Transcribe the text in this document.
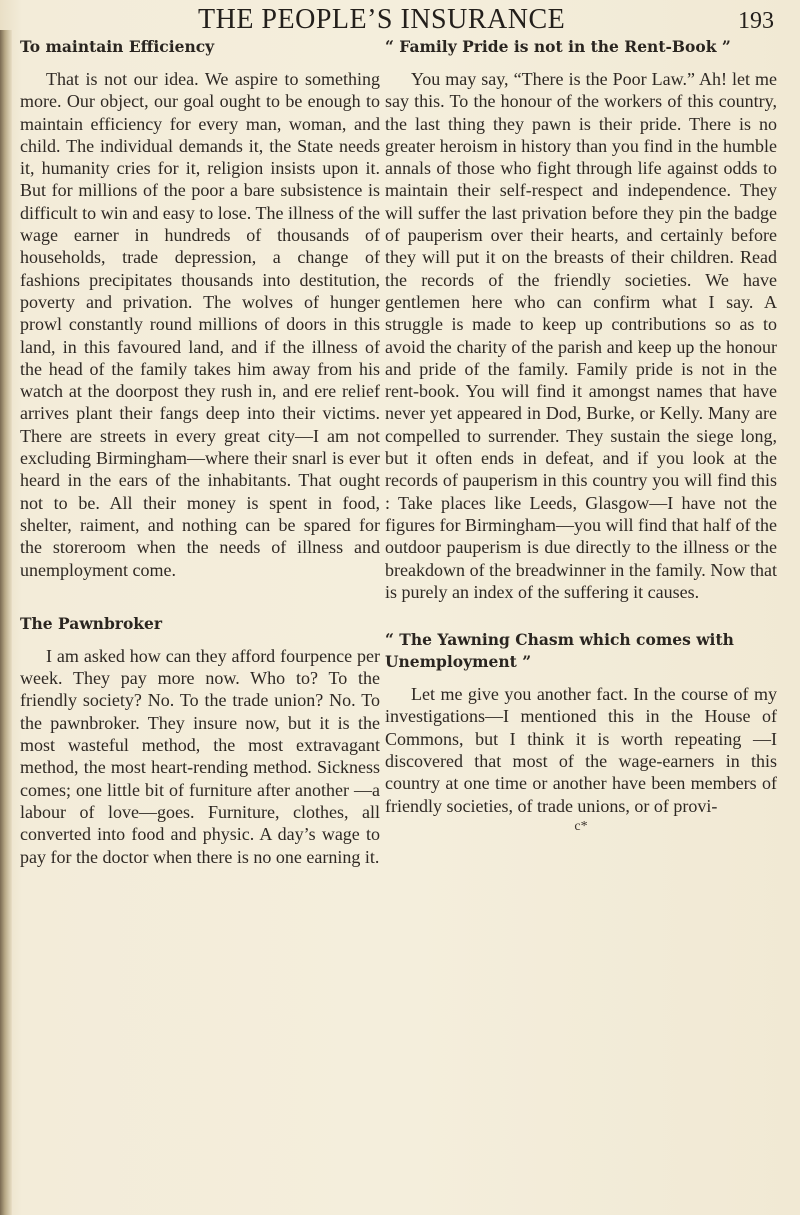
THE PEOPLE’S INSURANCE	193
To maintain Efficiency

That is not our idea. We aspire to something more. Our object, our goal ought to be enough to maintain efficiency for every man, woman, and child. The individual demands it, the State needs it, humanity cries for it, religion insists upon it. But for millions of the poor a bare subsistence is difficult to win and easy to lose. The illness of the wage earner in hundreds of thousands of households, trade depression, a change of fashions precipitates thousands into destitution, poverty and privation. The wolves of hunger prowl constantly round millions of doors in this land, in this favoured land, and if the illness of the head of the family takes him away from his watch at the doorpost they rush in, and ere relief arrives plant their fangs deep into their victims. There are streets in every great city—I am not excluding Birmingham—where their snarl is ever heard in the ears of the inhabitants. That ought not to be. All their money is spent in food, shelter, raiment, and nothing can be spared for the storeroom when the needs of illness and unemployment come.

The Pawnbroker

I am asked how can they afford fourpence per week. They pay more now. Who to? To the friendly society? No. To the trade union? No. To the pawnbroker. They insure now, but it is the most wasteful method, the most extravagant method, the most heart-rending method. Sickness comes; one little bit of furniture after another —a labour of love—goes. Furniture, clothes, all converted into food and physic. A day’s wage to pay for the doctor when there is no one earning it.

“ Family Pride is not in the Rent-Book ”

You may say, “There is the Poor Law.” Ah! let me say this. To the honour of the workers of this country, the last thing they pawn is their pride. There is no greater heroism in history than you find in the humble annals of those who fight through life against odds to maintain their self-respect and independence. They will suffer the last privation before they pin the badge of pauperism over their hearts, and certainly before they will put it on the breasts of their children. Read the records of the friendly societies. We have gentlemen here who can confirm what I say. A struggle is made to keep up contributions so as to avoid the charity of the parish and keep up the honour and pride of the family. Family pride is not in the rent-book. You will find it amongst names that have never yet appeared in Dod, Burke, or Kelly. Many are compelled to surrender. They sustain the siege long, but it often ends in defeat, and if you look at the records of pauperism in this country you will find this : Take places like Leeds, Glasgow—I have not the figures for Birmingham—you will find that half of the outdoor pauperism is due directly to the illness or the breakdown of the breadwinner in the family. Now that is purely an index of the suffering it causes.

“ The Yawning Chasm which comes with Unemployment ”

Let me give you another fact. In the course of my investigations—I mentioned this in the House of Commons, but I think it is worth repeating —I discovered that most of the wage-earners in this country at one time or another have been members of friendly societies, of trade unions, or of provi-

c*
